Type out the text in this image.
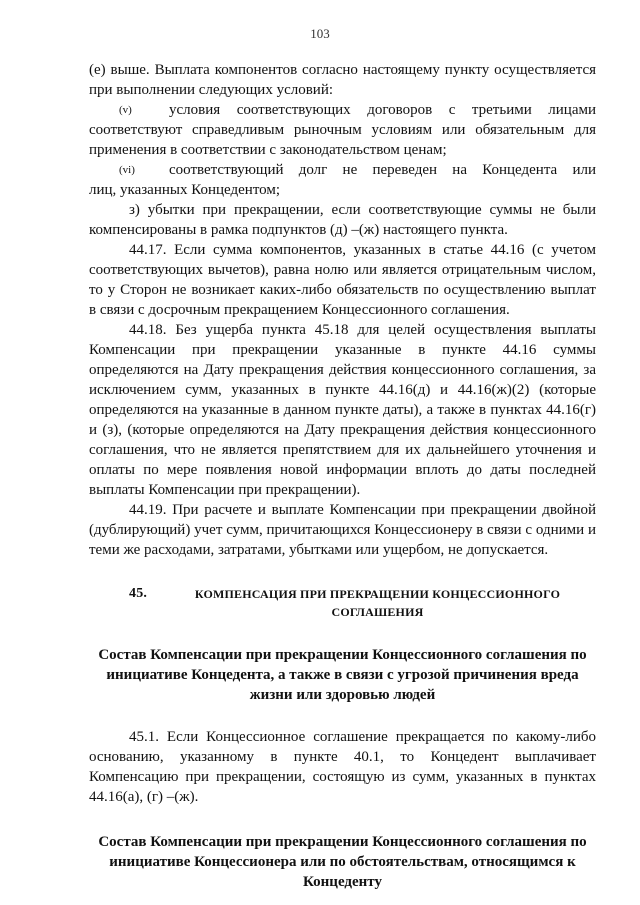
103

(е) выше. Выплата компонентов согласно настоящему пункту осуществляется при выполнении следующих условий:

(v)	условия соответствующих договоров с третьими лицами

соответствуют справедливым рыночным условиям или обязательным для применения в соответствии с законодательством ценам;

(vi)	соответствующий долг не переведен на Концедента или

лиц, указанных Концедентом;

з) убытки при прекращении, если соответствующие суммы не были компенсированы в рамка подпунктов (д) –(ж) настоящего пункта.

44.17. Если сумма компонентов, указанных в статье 44.16 (с учетом соответствующих вычетов), равна нолю или является отрицательным числом, то у Сторон не возникает каких-либо обязательств по осуществлению выплат в связи с досрочным прекращением Концессионного соглашения.

44.18. Без ущерба пункта 45.18 для целей осуществления выплаты Компенсации при прекращении указанные в пункте 44.16 суммы определяются на Дату прекращения действия концессионного соглашения, за исключением сумм, указанных в пункте 44.16(д) и 44.16(ж)(2) (которые определяются на указанные в данном пункте даты), а также в пунктах 44.16(г) и (з), (которые определяются на Дату прекращения действия концессионного соглашения, что не является препятствием для их дальнейшего уточнения и оплаты по мере появления новой информации вплоть до даты последней выплаты Компенсации при прекращении).

44.19. При расчете и выплате Компенсации при прекращении двойной (дублирующий) учет сумм, причитающихся Концессионеру в связи с одними и теми же расходами, затратами, убытками или ущербом, не допускается.

45.	КОМПЕНСАЦИЯ ПРИ ПРЕКРАЩЕНИИ КОНЦЕССИОННОГО СОГЛАШЕНИЯ

Состав Компенсации при прекращении Концессионного соглашения по инициативе Концедента, а также в связи с угрозой причинения вреда жизни или здоровью людей

45.1. Если Концессионное соглашение прекращается по какому-либо основанию, указанному в пункте 40.1, то Концедент выплачивает Компенсацию при прекращении, состоящую из сумм, указанных в пунктах 44.16(а), (г) –(ж).

Состав Компенсации при прекращении Концессионного соглашения по инициативе Концессионера или по обстоятельствам, относящимся к Концеденту
